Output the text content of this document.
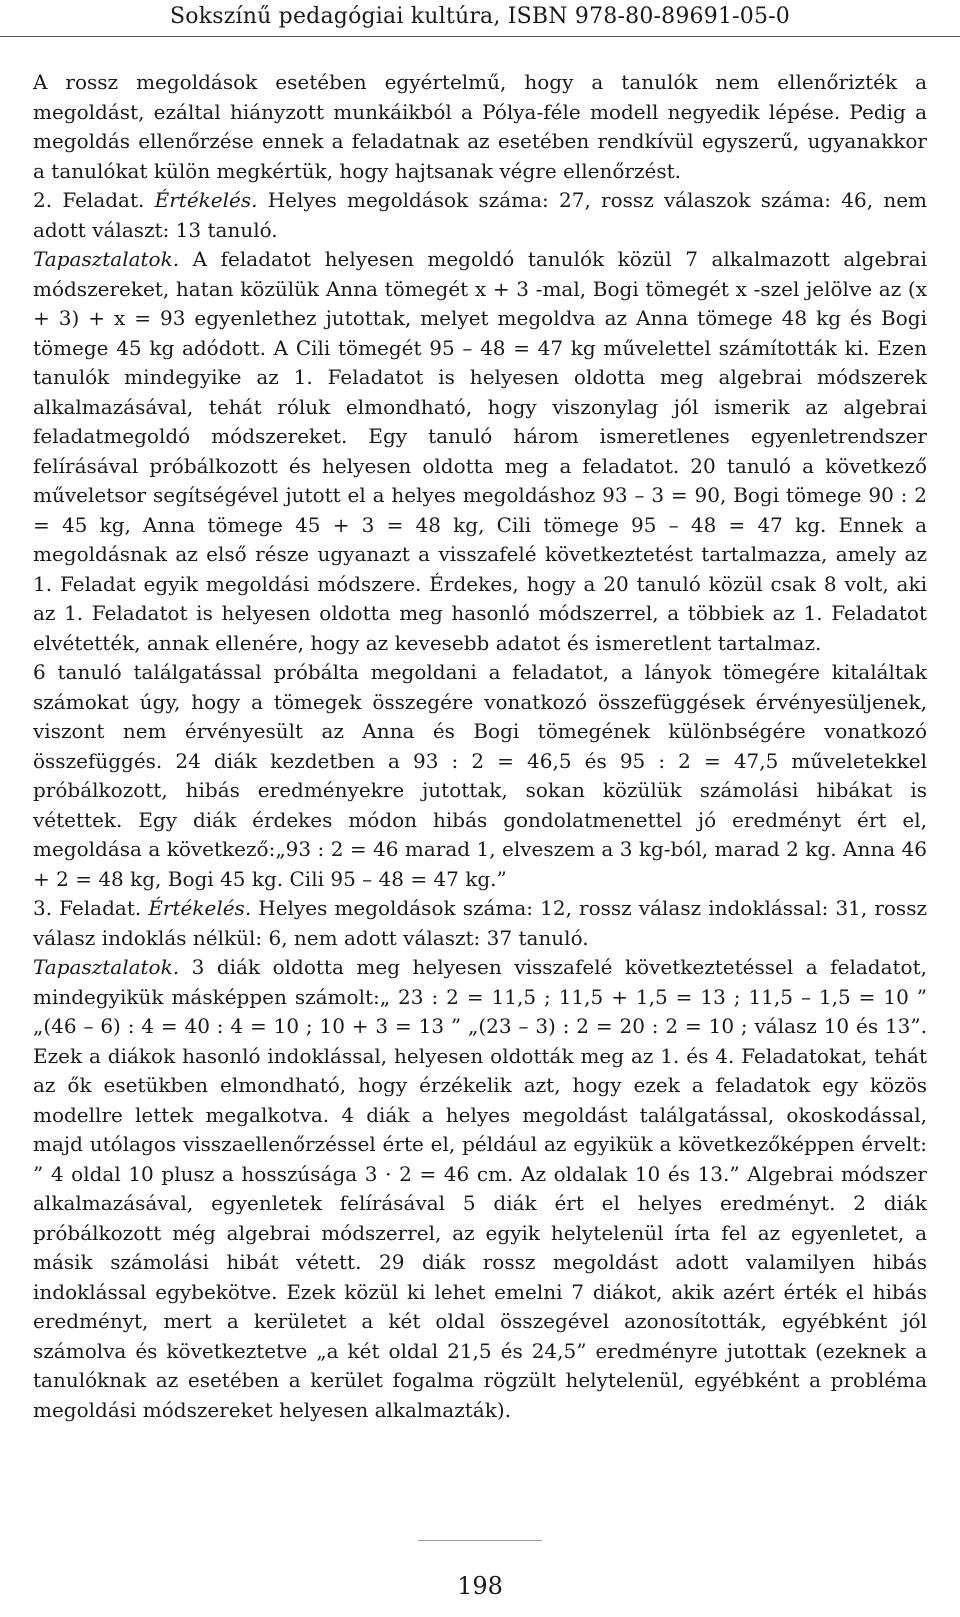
Sokszínű pedagógiai kultúra, ISBN 978-80-89691-05-0

A rossz megoldások esetében egyértelmű, hogy a tanulók nem ellenőrizték a megoldást, ezáltal hiányzott munkáikból a Pólya-féle modell negyedik lépése. Pedig a megoldás ellenőrzése ennek a feladatnak az esetében rendkívül egyszerű, ugyanakkor a tanulókat külön megkértük, hogy hajtsanak végre ellenőrzést.

2. Feladat. Értékelés. Helyes megoldások száma: 27, rossz válaszok száma: 46, nem adott választ: 13 tanuló.

Tapasztalatok. A feladatot helyesen megoldó tanulók közül 7 alkalmazott algebrai módszereket, hatan közülük Anna tömegét x + 3 -mal, Bogi tömegét x -szel jelölve az (x + 3) + x = 93 egyenlethez jutottak, melyet megoldva az Anna tömege 48 kg és Bogi tömege 45 kg adódott. A Cili tömegét 95 – 48 = 47 kg művelettel számították ki. Ezen tanulók mindegyike az 1. Feladatot is helyesen oldotta meg algebrai módszerek alkalmazásával, tehát róluk elmondható, hogy viszonylag jól ismerik az algebrai feladatmegoldó módszereket. Egy tanuló három ismeretlenes egyenletrendszer felírásával próbálkozott és helyesen oldotta meg a feladatot. 20 tanuló a következő műveletsor segítségével jutott el a helyes megoldáshoz 93 – 3 = 90, Bogi tömege 90 : 2 = 45 kg, Anna tömege 45 + 3 = 48 kg, Cili tömege 95 – 48 = 47 kg. Ennek a megoldásnak az első része ugyanazt a visszafelé következtetést tartalmazza, amely az 1. Feladat egyik megoldási módszere. Érdekes, hogy a 20 tanuló közül csak 8 volt, aki az 1. Feladatot is helyesen oldotta meg hasonló módszerrel, a többiek az 1. Feladatot elvétették, annak ellenére, hogy az kevesebb adatot és ismeretlent tartalmaz.

6 tanuló találgatással próbálta megoldani a feladatot, a lányok tömegére kitaláltak számokat úgy, hogy a tömegek összegére vonatkozó összefüggések érvényesüljenek, viszont nem érvényesült az Anna és Bogi tömegének különbségére vonatkozó összefüggés. 24 diák kezdetben a 93 : 2 = 46,5 és 95 : 2 = 47,5 műveletekkel próbálkozott, hibás eredményekre jutottak, sokan közülük számolási hibákat is vétettek. Egy diák érdekes módon hibás gondolatmenettel jó eredményt ért el, megoldása a következő:„93 : 2 = 46 marad 1, elveszem a 3 kg-ból, marad 2 kg. Anna 46 + 2 = 48 kg, Bogi 45 kg. Cili 95 – 48 = 47 kg.”

3. Feladat. Értékelés. Helyes megoldások száma: 12, rossz válasz indoklással: 31, rossz válasz indoklás nélkül: 6, nem adott választ: 37 tanuló.

Tapasztalatok. 3 diák oldotta meg helyesen visszafelé következtetéssel a feladatot, mindegyikük másképpen számolt:„ 23 : 2 = 11,5 ; 11,5 + 1,5 = 13 ; 11,5 – 1,5 = 10 ” „(46 – 6) : 4 = 40 : 4 = 10 ; 10 + 3 = 13 ” „(23 – 3) : 2 = 20 : 2 = 10 ; válasz 10 és 13”. Ezek a diákok hasonló indoklással, helyesen oldották meg az 1. és 4. Feladatokat, tehát az ők esetükben elmondható, hogy érzékelik azt, hogy ezek a feladatok egy közös modellre lettek megalkotva. 4 diák a helyes megoldást találgatással, okoskodással, majd utólagos visszaellenőrzéssel érte el, például az egyikük a következőképpen érvelt: ” 4 oldal 10 plusz a hosszúsága 3 · 2 = 46 cm. Az oldalak 10 és 13.” Algebrai módszer alkalmazásával, egyenletek felírásával 5 diák ért el helyes eredményt. 2 diák próbálkozott még algebrai módszerrel, az egyik helytelenül írta fel az egyenletet, a másik számolási hibát vétett. 29 diák rossz megoldást adott valamilyen hibás indoklással egybekötve. Ezek közül ki lehet emelni 7 diákot, akik azért érték el hibás eredményt, mert a kerületet a két oldal összegével azonosították, egyébként jól számolva és következtetve „a két oldal 21,5 és 24,5” eredményre jutottak (ezeknek a tanulóknak az esetében a kerület fogalma rögzült helytelenül, egyébként a probléma megoldási módszereket helyesen alkalmazták).

198
